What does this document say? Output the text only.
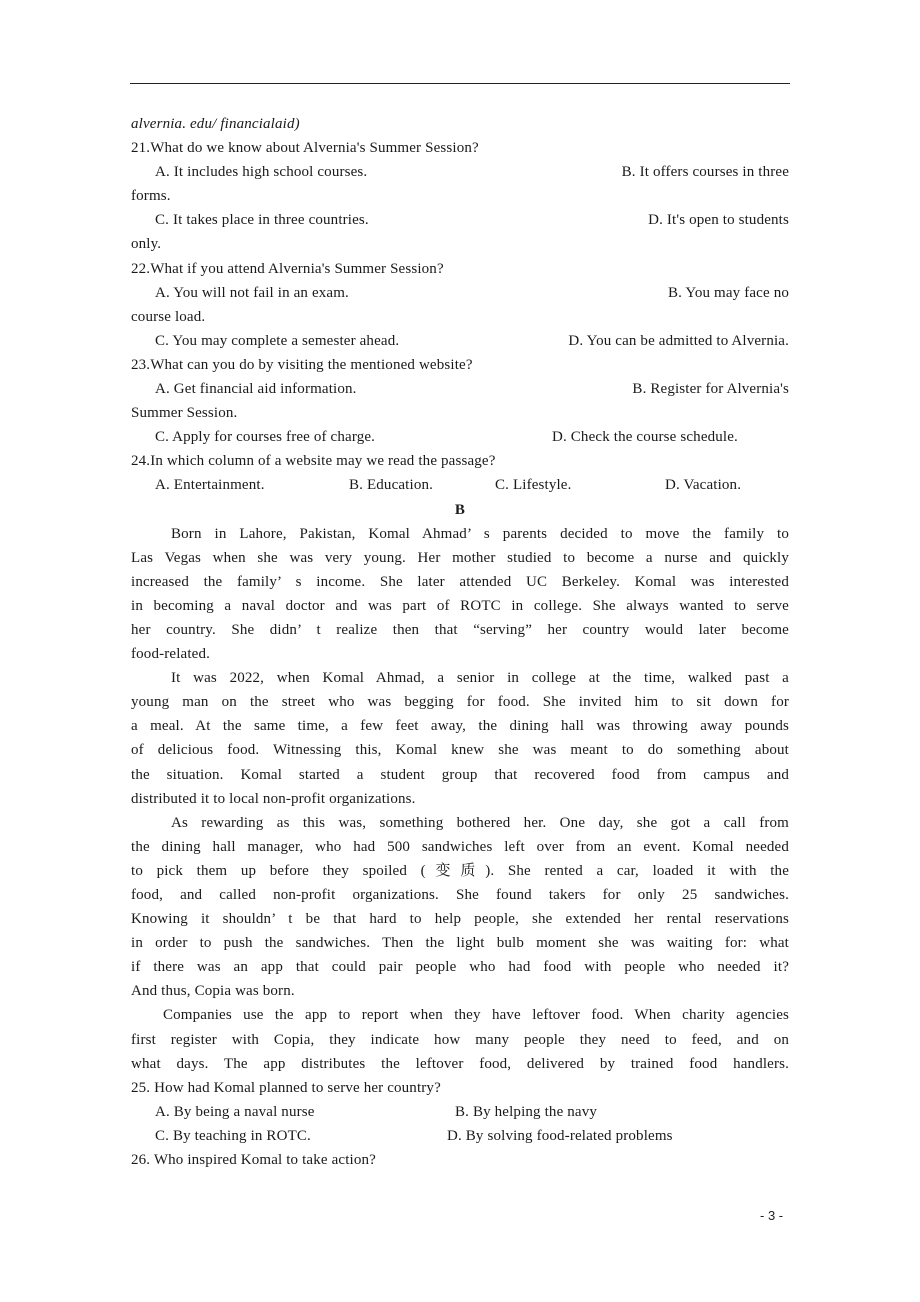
alvernia. edu/ financialaid)
21.What do we know about Alvernia's Summer Session?
A. It includes high school courses.	B. It offers courses in three
forms.
C. It takes place in three countries.	D. It's open to students
only.
22.What if you attend Alvernia's Summer Session?
A. You will not fail in an exam.	B. You may face no
course load.
C. You may complete a semester ahead.	D. You can be admitted to Alvernia.
23.What can you do by visiting the mentioned website?
A. Get financial aid information.	B. Register for Alvernia's
Summer Session.
C. Apply for courses free of charge.	D. Check the course schedule.
24.In which column of a website may we read the passage?
A. Entertainment.	B. Education.	C. Lifestyle.	D. Vacation.
B
Born in Lahore, Pakistan, Komal Ahmad’ s parents decided to move the family to
Las Vegas when she was very young. Her mother studied to become a nurse and quickly
increased the family’ s income. She later attended UC Berkeley. Komal was interested
in becoming a naval doctor and was part of ROTC in college. She always wanted to serve
her country. She didn’ t realize then that “serving” her country would later become
food-related.
It was 2022, when Komal Ahmad, a senior in college at the time, walked past a
young man on the street who was begging for food. She invited him to sit down for
a meal. At the same time, a few feet away, the dining hall was throwing away pounds
of delicious food. Witnessing this, Komal knew she was meant to do something about
the situation. Komal started a student group that recovered food from campus and
distributed it to local non-profit organizations.
As rewarding as this was, something bothered her. One day, she got a call from
the dining hall manager, who had 500 sandwiches left over from an event. Komal needed
to pick them up before they spoiled (变质). She rented a car, loaded it with the
food, and called non-profit organizations. She found takers for only 25 sandwiches.
Knowing it shouldn’ t be that hard to help people, she extended her rental reservations
in order to push the sandwiches. Then the light bulb moment she was waiting for: what
if there was an app that could pair people who had food with people who needed it?
And thus, Copia was born.
Companies use the app to report when they have leftover food. When charity agencies
first register with Copia, they indicate how many people they need to feed, and on
what days. The app distributes the leftover food, delivered by trained food handlers.
25. How had Komal planned to serve her country?
A. By being a naval nurse	B. By helping the navy
C. By teaching in ROTC.	D. By solving food-related problems
26. Who inspired Komal to take action?
- 3 -
